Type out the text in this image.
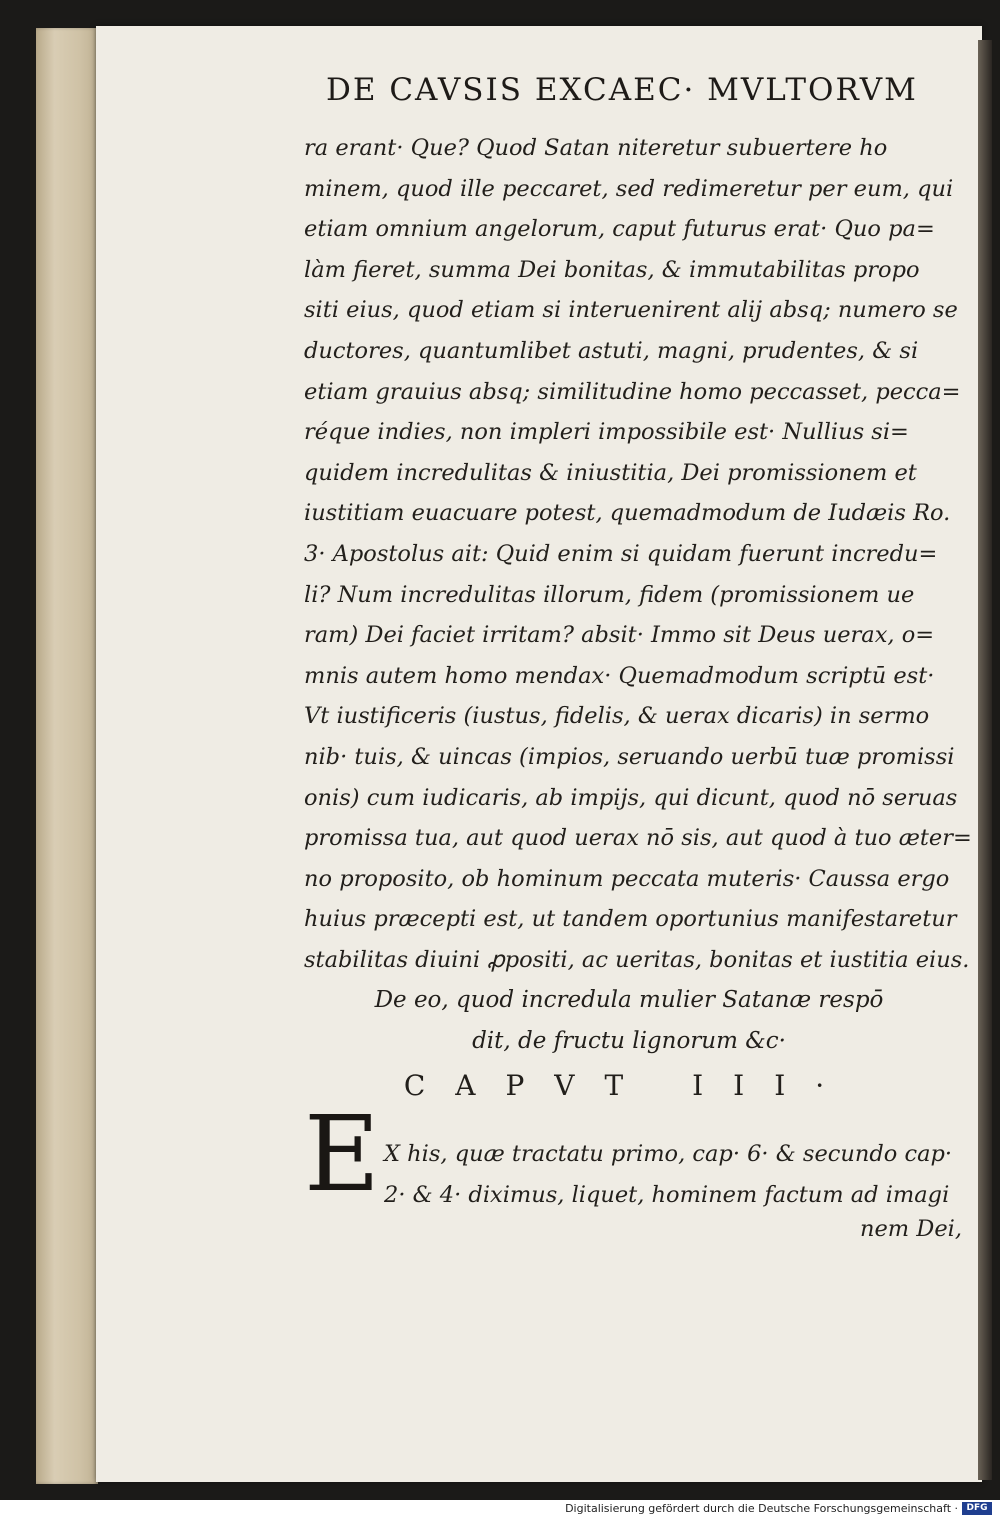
DE CAVSIS EXCAEC· MVLTORVM
ra erant· Que? Quod Satan niteretur subuertere ho
minem, quod ille peccaret, sed redimeretur per eum, qui
etiam omnium angelorum, caput futurus erat· Quo pa=
làm fieret, summa Dei bonitas, & immutabilitas propo
siti eius, quod etiam si interuenirent alij absq; numero se
ductores, quantumlibet astuti, magni, prudentes, & si
etiam grauius absq; similitudine homo peccasset, pecca=
réque indies, non impleri impossibile est· Nullius si=
quidem incredulitas & iniustitia, Dei promissionem et
iustitiam euacuare potest, quemadmodum de Iudæis Ro.
3· Apostolus ait: Quid enim si quidam fuerunt incredu=
li? Num incredulitas illorum, fidem (promissionem ue
ram) Dei faciet irritam? absit· Immo sit Deus uerax, o=
mnis autem homo mendax· Quemadmodum scriptū est·
Vt iustificeris (iustus, fidelis, & uerax dicaris) in sermo
nib· tuis, & uincas (impios, seruando uerbū tuæ promissi
onis) cum iudicaris, ab impijs, qui dicunt, quod nō seruas
promissa tua, aut quod uerax nō sis, aut quod à tuo æter=
no proposito, ob hominum peccata muteris· Caussa ergo
huius præcepti est, ut tandem oportunius manifestaretur
stabilitas diuini ꝓpositi, ac ueritas, bonitas et iustitia eius.
De eo, quod incredula mulier Satanæ respō
dit, de fructu lignorum &c·
CAPVT III·
E X his, quæ tractatu primo, cap· 6· & secundo cap·
2· & 4· diximus, liquet, hominem factum ad imagi
nem Dei,
Digitalisierung gefördert durch die Deutsche Forschungsgemeinschaft · DFG
